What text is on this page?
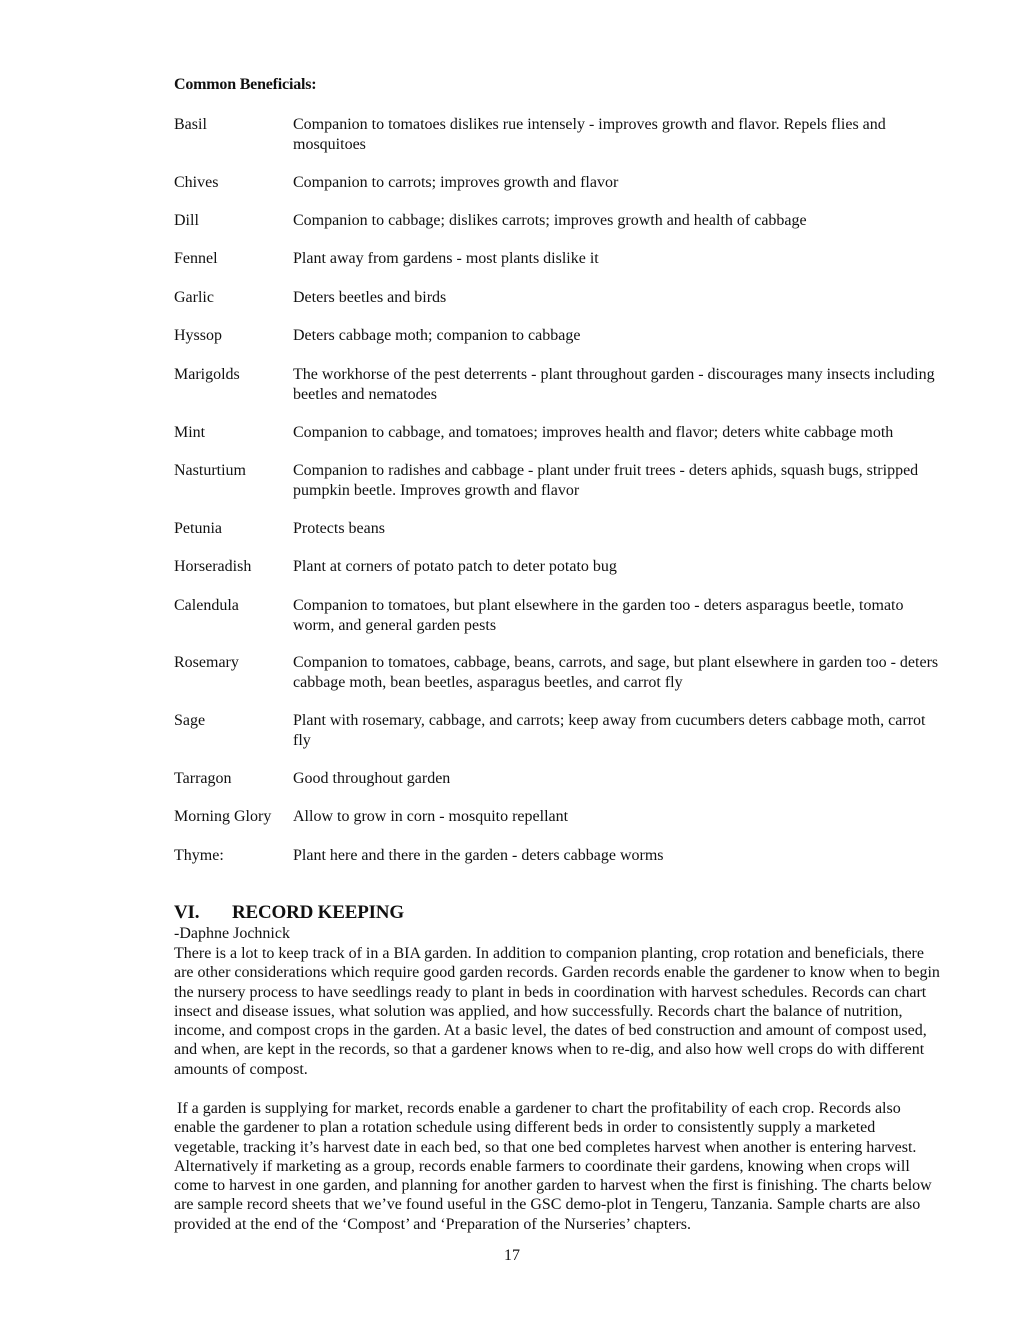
Common Beneficials:
Basil	Companion to tomatoes dislikes rue intensely - improves growth and flavor. Repels flies and mosquitoes
Chives	Companion to carrots; improves growth and flavor
Dill	Companion to cabbage; dislikes carrots; improves growth and health of cabbage
Fennel	Plant away from gardens - most plants dislike it
Garlic	Deters beetles and birds
Hyssop	Deters cabbage moth; companion to cabbage
Marigolds	The workhorse of the pest deterrents - plant throughout garden - discourages many insects including beetles and nematodes
Mint	Companion to cabbage, and tomatoes; improves health and flavor; deters white cabbage moth
Nasturtium	Companion to radishes and cabbage - plant under fruit trees - deters aphids, squash bugs, stripped pumpkin beetle. Improves growth and flavor
Petunia	Protects beans
Horseradish	Plant at corners of potato patch to deter potato bug
Calendula	Companion to tomatoes, but plant elsewhere in the garden too - deters asparagus beetle, tomato worm, and general garden pests
Rosemary	Companion to tomatoes, cabbage, beans, carrots, and sage, but plant elsewhere in garden too - deters cabbage moth, bean beetles, asparagus beetles, and carrot fly
Sage	Plant with rosemary, cabbage, and carrots; keep away from cucumbers deters cabbage moth, carrot fly
Tarragon	Good throughout garden
Morning Glory	Allow to grow in corn - mosquito repellant
Thyme:	Plant here and there in the garden - deters cabbage worms
VI. RECORD KEEPING
-Daphne Jochnick
There is a lot to keep track of in a BIA garden. In addition to companion planting, crop rotation and beneficials, there are other considerations which require good garden records. Garden records enable the gardener to know when to begin the nursery process to have seedlings ready to plant in beds in coordination with harvest schedules. Records can chart insect and disease issues, what solution was applied, and how successfully. Records chart the balance of nutrition, income, and compost crops in the garden. At a basic level, the dates of bed construction and amount of compost used, and when, are kept in the records, so that a gardener knows when to re-dig, and also how well crops do with different amounts of compost.
If a garden is supplying for market, records enable a gardener to chart the profitability of each crop. Records also enable the gardener to plan a rotation schedule using different beds in order to consistently supply a marketed vegetable, tracking it’s harvest date in each bed, so that one bed completes harvest when another is entering harvest. Alternatively if marketing as a group, records enable farmers to coordinate their gardens, knowing when crops will come to harvest in one garden, and planning for another garden to harvest when the first is finishing. The charts below are sample record sheets that we’ve found useful in the GSC demo-plot in Tengeru, Tanzania. Sample charts are also provided at the end of the ‘Compost’ and ‘Preparation of the Nurseries’ chapters.
17
